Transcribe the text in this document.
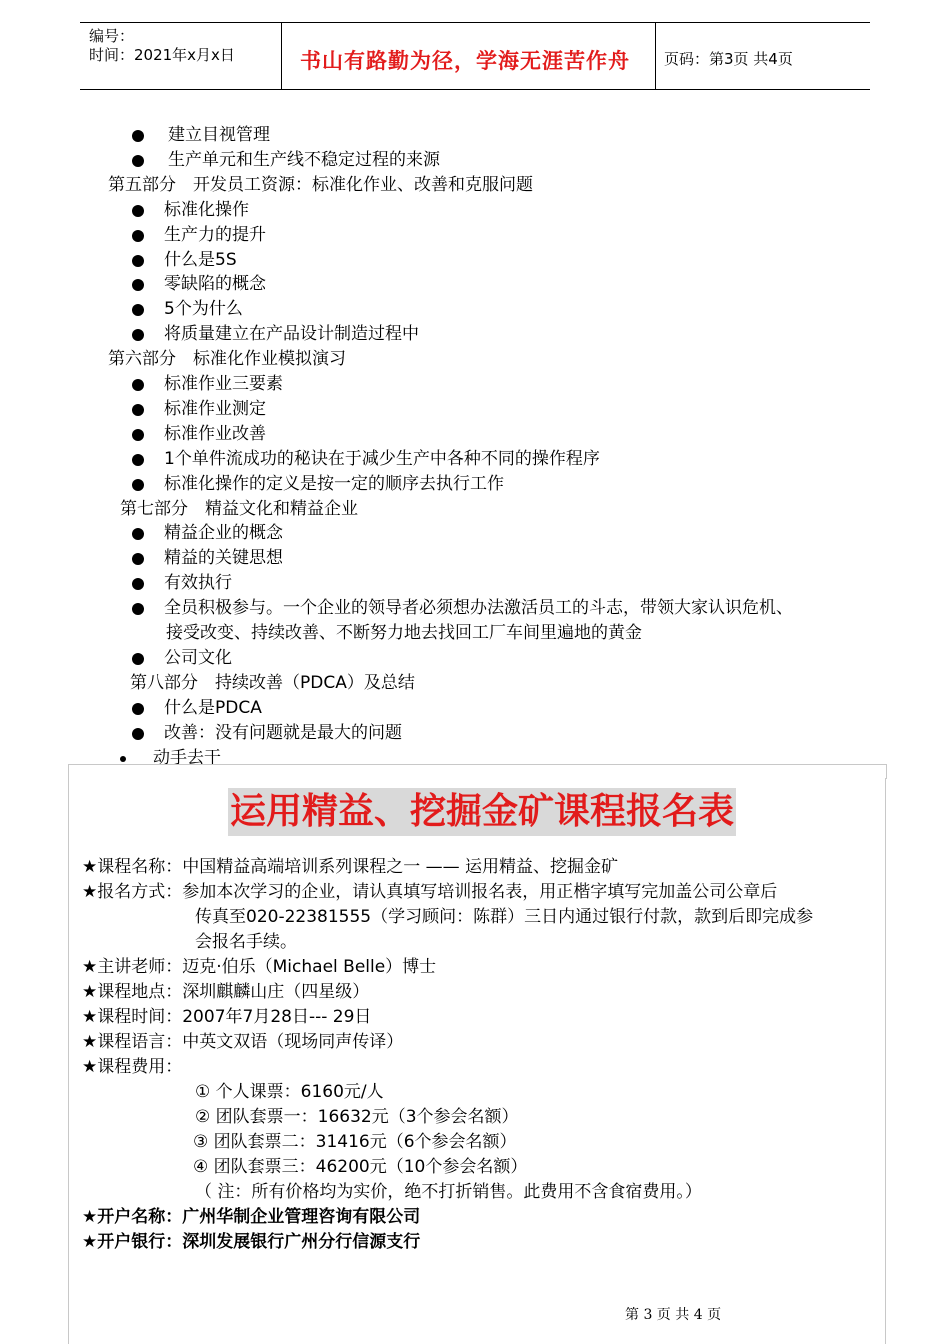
编号：
时间：2021年x月x日	书山有路勤为径，学海无涯苦作舟 页码：第3页 共4页
建立目视管理
生产单元和生产线不稳定过程的来源
第五部分　开发员工资源：标准化作业、改善和克服问题
标准化操作
生产力的提升
什么是5S
零缺陷的概念
5个为什么
将质量建立在产品设计制造过程中
第六部分　标准化作业模拟演习
标准作业三要素
标准作业测定
标准作业改善
1个单件流成功的秘诀在于减少生产中各种不同的操作程序
标准化操作的定义是按一定的顺序去执行工作
第七部分　精益文化和精益企业
精益企业的概念
精益的关键思想
有效执行
全员积极参与。一个企业的领导者必须想办法激活员工的斗志，带领大家认识危机、
接受改变、持续改善、不断努力地去找回工厂车间里遍地的黄金
公司文化
第八部分　持续改善（PDCA）及总结
什么是PDCA
改善：没有问题就是最大的问题
动手去干
运用精益、挖掘金矿课程报名表
★课程名称：中国精益高端培训系列课程之一 —— 运用精益、挖掘金矿
★报名方式：参加本次学习的企业，请认真填写培训报名表，用正楷字填写完加盖公司公章后
传真至020-22381555（学习顾问：陈群）三日内通过银行付款，款到后即完成参
会报名手续。
★主讲老师：迈克·伯乐（Michael Belle）博士
★课程地点：深圳麒麟山庄（四星级）
★课程时间：2007年7月28日--- 29日
★课程语言：中英文双语（现场同声传译）
★课程费用：
① 个人课票：6160元/人
② 团队套票一：16632元（3个参会名额）
③ 团队套票二：31416元（6个参会名额）
④ 团队套票三：46200元（10个参会名额）
（ 注：所有价格均为实价，绝不打折销售。此费用不含食宿费用。）
★开户名称：广州华制企业管理咨询有限公司
★开户银行：深圳发展银行广州分行信源支行
第 3 页 共 4 页
